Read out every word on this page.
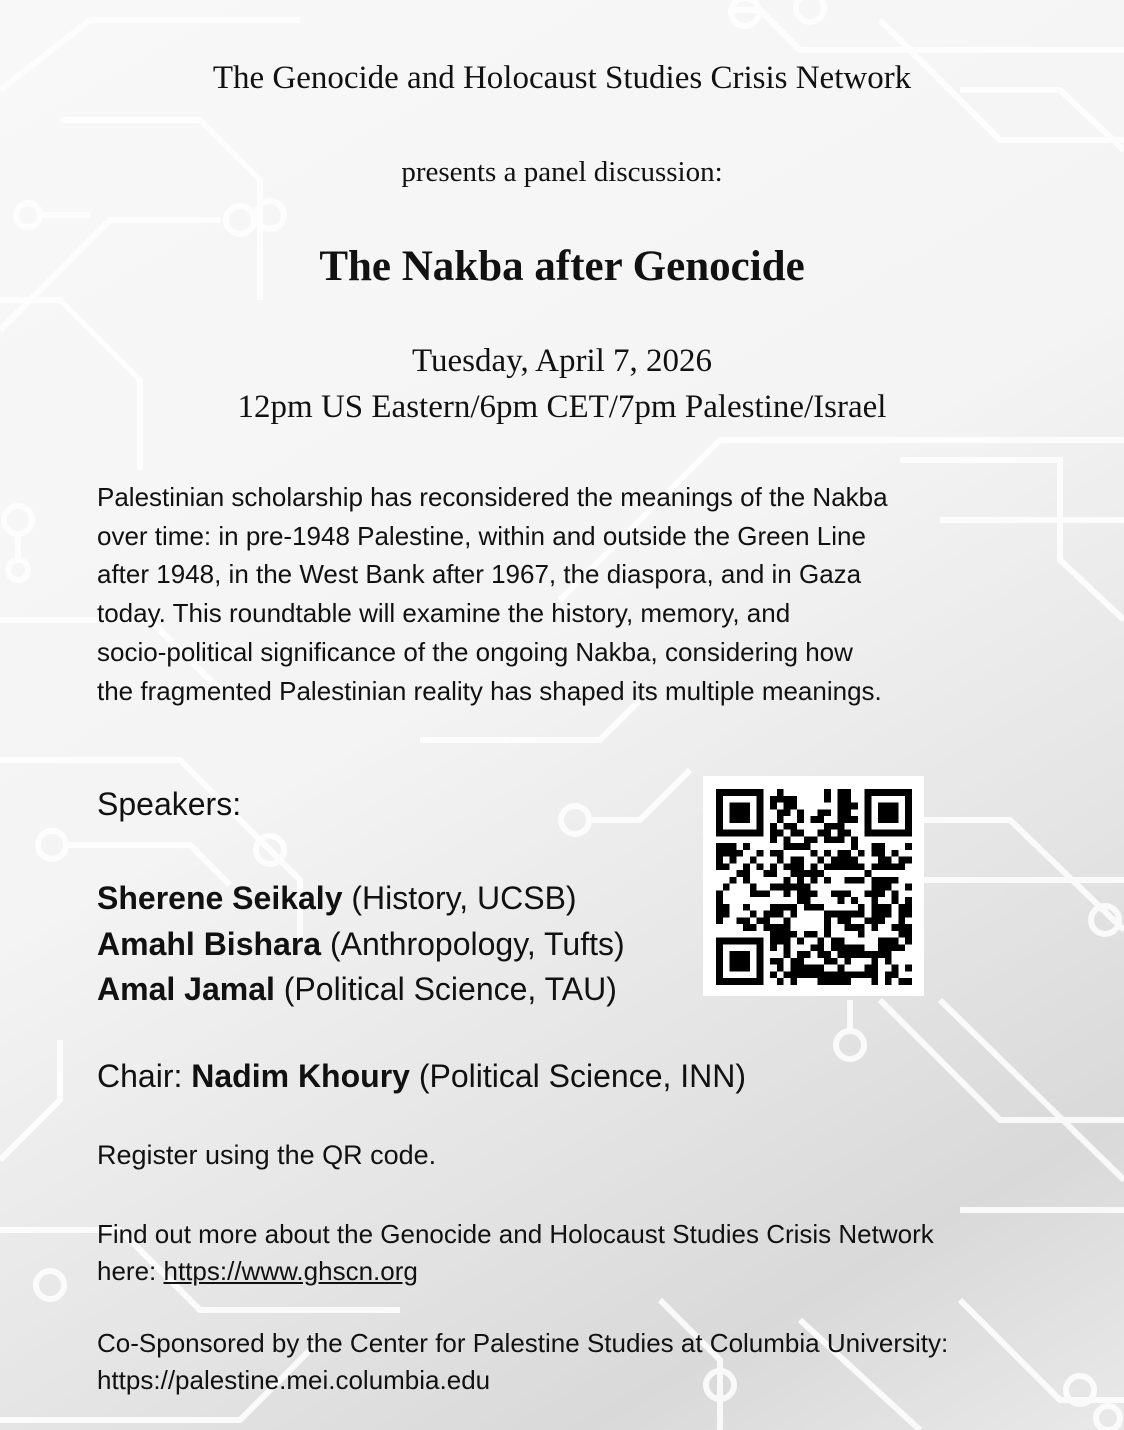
The Genocide and Holocaust Studies Crisis Network
presents a panel discussion:
The Nakba after Genocide
Tuesday, April 7, 2026
12pm US Eastern/6pm CET/7pm Palestine/Israel
Palestinian scholarship has reconsidered the meanings of the Nakba
over time: in pre-1948 Palestine, within and outside the Green Line
after 1948, in the West Bank after 1967, the diaspora, and in Gaza
today. This roundtable will examine the history, memory, and
socio-political significance of the ongoing Nakba, considering how
the fragmented Palestinian reality has shaped its multiple meanings.
Speakers:
Sherene Seikaly (History, UCSB)
Amahl Bishara (Anthropology, Tufts)
Amal Jamal (Political Science, TAU)
Chair: Nadim Khoury (Political Science, INN)
Register using the QR code.
Find out more about the Genocide and Holocaust Studies Crisis Network
here: https://www.ghscn.org
Co-Sponsored by the Center for Palestine Studies at Columbia University:
https://palestine.mei.columbia.edu
